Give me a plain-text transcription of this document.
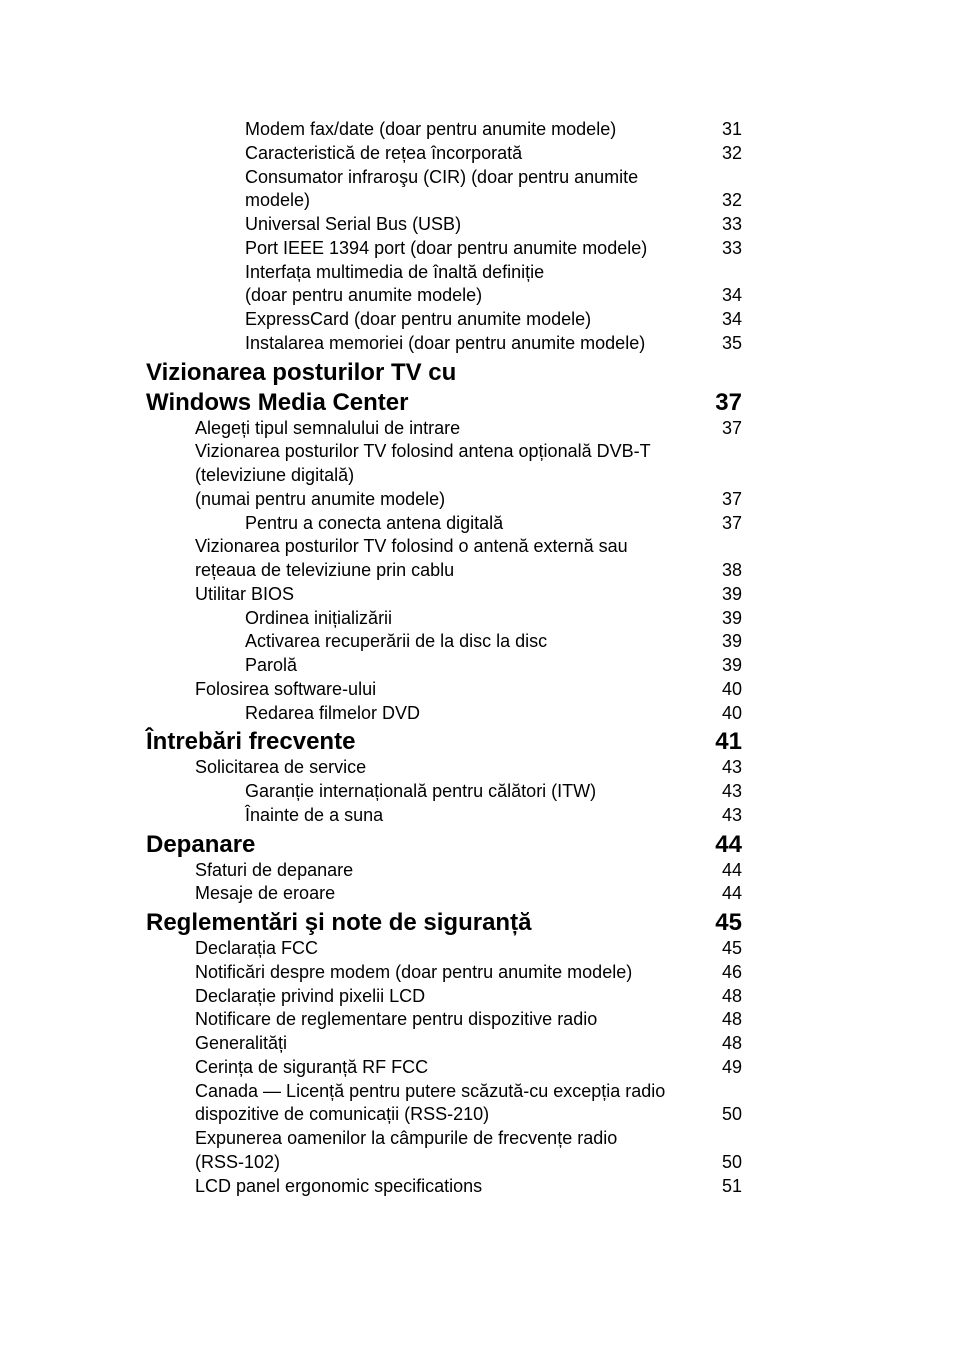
Modem fax/date (doar pentru anumite modele)	31
Caracteristică de rețea încorporată	32
Consumator infraroşu (CIR) (doar pentru anumite
modele)	32
Universal Serial Bus (USB)	33
Port IEEE 1394 port (doar pentru anumite modele)	33
Interfața multimedia de înaltă definiție
(doar pentru anumite modele)	34
ExpressCard (doar pentru anumite modele)	34
Instalarea memoriei (doar pentru anumite modele)	35
Vizionarea posturilor TV cu
Windows Media Center	37
Alegeți tipul semnalului de intrare	37
Vizionarea posturilor TV folosind antena opțională DVB-T
(televiziune digitală)
(numai pentru anumite modele)	37
Pentru a conecta antena digitală	37
Vizionarea posturilor TV folosind o antenă externă sau
rețeaua de televiziune prin cablu	38
Utilitar BIOS	39
Ordinea inițializării	39
Activarea recuperării de la disc la disc	39
Parolă	39
Folosirea software-ului	40
Redarea filmelor DVD	40
Întrebări frecvente	41
Solicitarea de service	43
Garanție internațională pentru călători (ITW)	43
Înainte de a suna	43
Depanare	44
Sfaturi de depanare	44
Mesaje de eroare	44
Reglementări şi note de siguranță	45
Declarația FCC	45
Notificări despre modem (doar pentru anumite modele)	46
Declarație privind pixelii LCD	48
Notificare de reglementare pentru dispozitive radio	48
Generalități	48
Cerința de siguranță RF FCC	49
Canada — Licență pentru putere scăzută-cu excepția radio
dispozitive de comunicații (RSS-210)	50
Expunerea oamenilor la câmpurile de frecvențe radio
(RSS-102)	50
LCD panel ergonomic specifications	51
